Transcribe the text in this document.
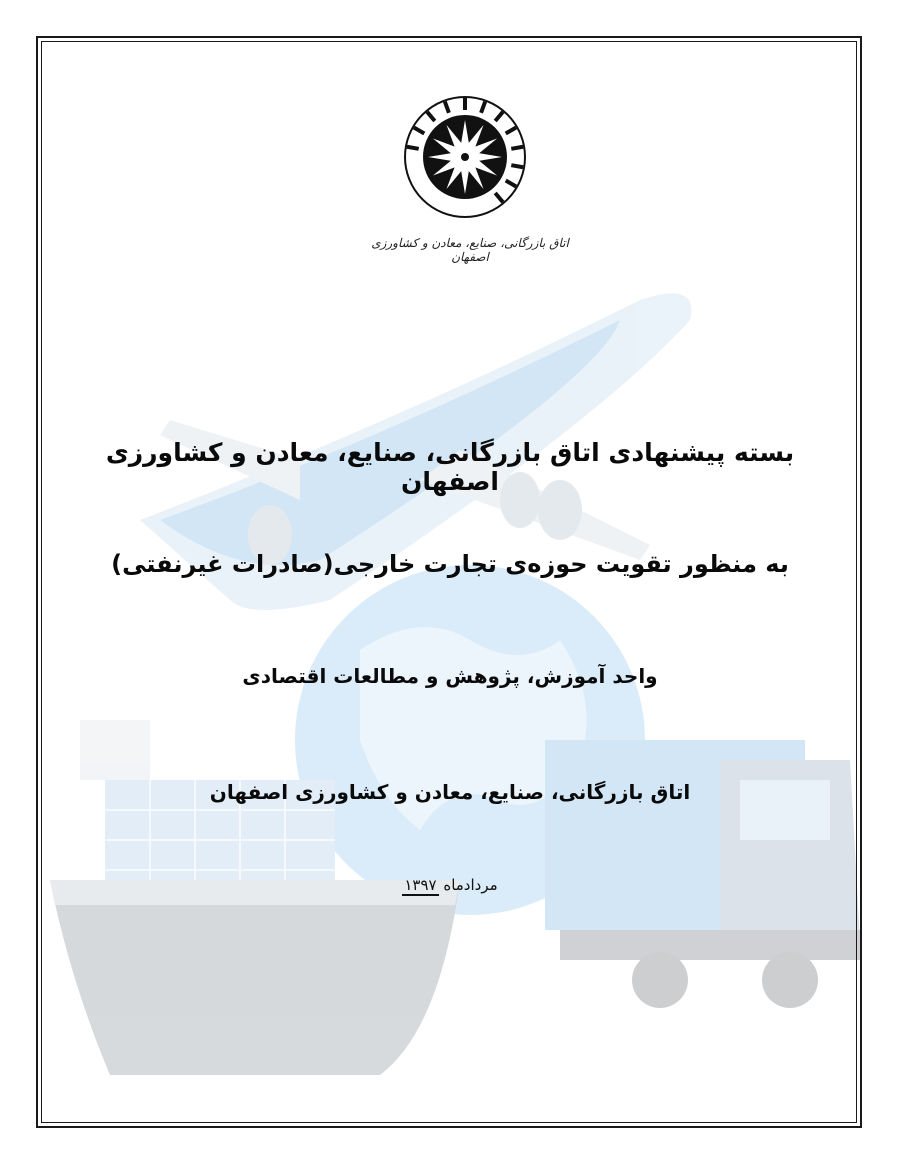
اتاق بازرگانی، صنایع، معادن و کشاورزی اصفهان
بسته پیشنهادی اتاق بازرگانی، صنایع، معادن و کشاورزی اصفهان
به منظور تقویت حوزه‌ی تجارت خارجی(صادرات غیرنفتی)
واحد آموزش، پژوهش و مطالعات اقتصادی
اتاق بازرگانی، صنایع، معادن و کشاورزی اصفهان
مردادماه ۱۳۹۷
